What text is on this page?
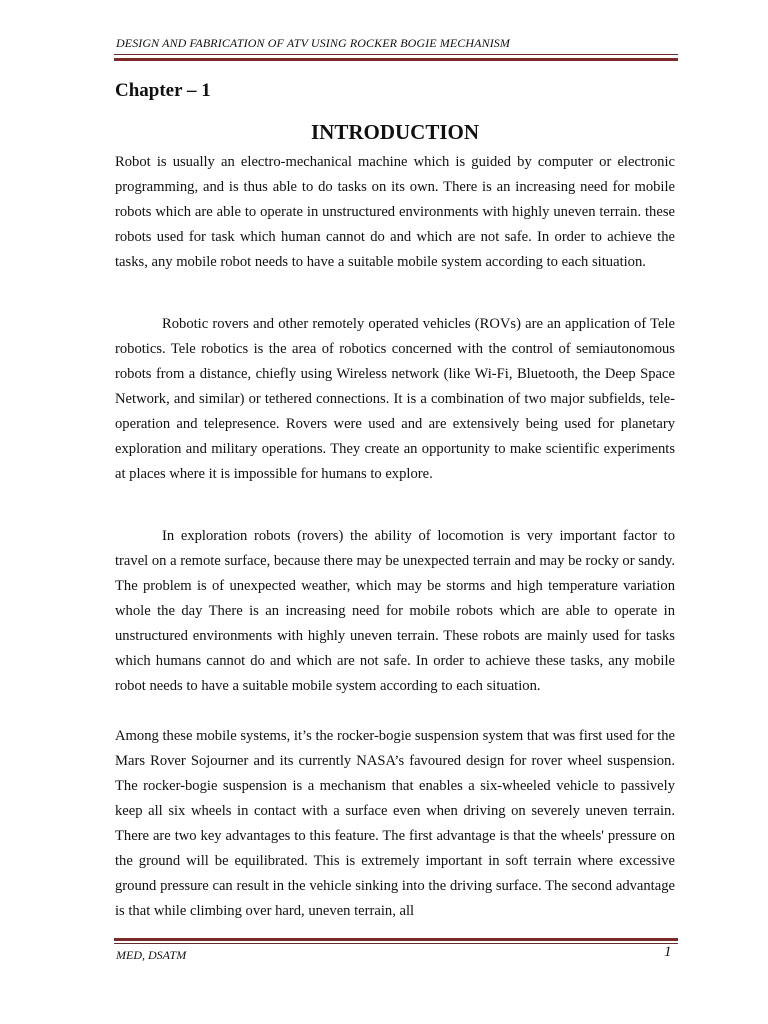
DESIGN AND FABRICATION OF ATV USING ROCKER BOGIE MECHANISM
Chapter – 1
INTRODUCTION

Robot is usually an electro-mechanical machine which is guided by computer or electronic programming, and is thus able to do tasks on its own. There is an increasing need for mobile robots which are able to operate in unstructured environments with highly uneven terrain. these robots used for task which human cannot do and which are not safe. In order to achieve the tasks, any mobile robot needs to have a suitable mobile system according to each situation.

Robotic rovers and other remotely operated vehicles (ROVs) are an application of Tele robotics. Tele robotics is the area of robotics concerned with the control of semiautonomous robots from a distance, chiefly using Wireless network (like Wi-Fi, Bluetooth, the Deep Space Network, and similar) or tethered connections. It is a combination of two major subfields, tele-operation and telepresence. Rovers were used and are extensively being used for planetary exploration and military operations. They create an opportunity to make scientific experiments at places where it is impossible for humans to explore.

In exploration robots (rovers) the ability of locomotion is very important factor to travel on a remote surface, because there may be unexpected terrain and may be rocky or sandy. The problem is of unexpected weather, which may be storms and high temperature variation whole the day There is an increasing need for mobile robots which are able to operate in unstructured environments with highly uneven terrain. These robots are mainly used for tasks which humans cannot do and which are not safe. In order to achieve these tasks, any mobile robot needs to have a suitable mobile system according to each situation.

Among these mobile systems, it’s the rocker-bogie suspension system that was first used for the Mars Rover Sojourner and its currently NASA’s favoured design for rover wheel suspension. The rocker-bogie suspension is a mechanism that enables a six-wheeled vehicle to passively keep all six wheels in contact with a surface even when driving on severely uneven terrain. There are two key advantages to this feature. The first advantage is that the wheels' pressure on the ground will be equilibrated. This is extremely important in soft terrain where excessive ground pressure can result in the vehicle sinking into the driving surface. The second advantage is that while climbing over hard, uneven terrain, all

MED, DSATM	1
